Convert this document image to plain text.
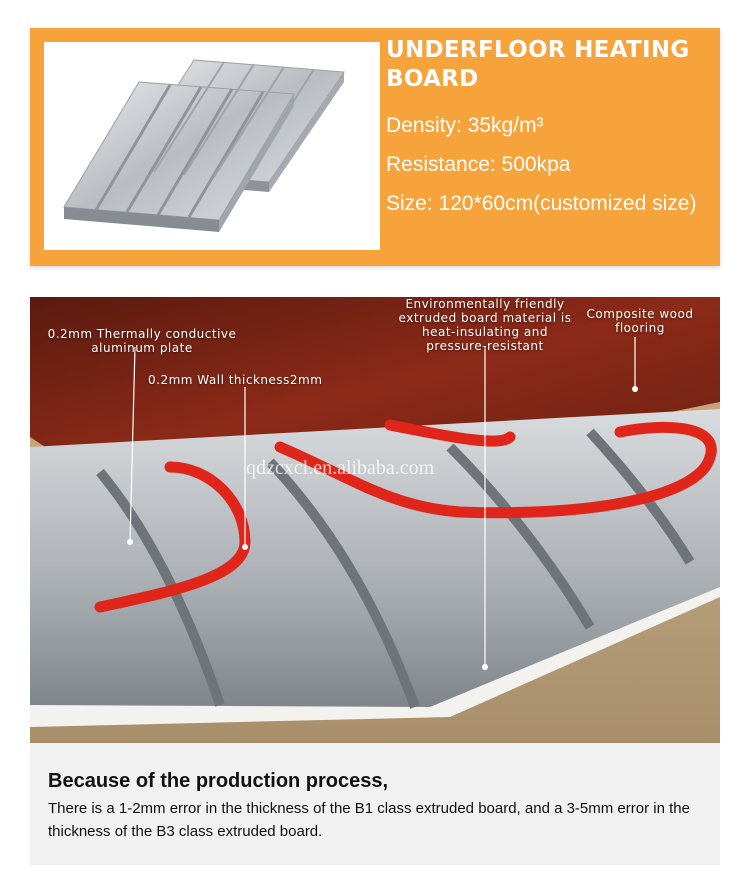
UNDERFLOOR HEATING BOARD
Density: 35kg/m³
Resistance: 500kpa
Size: 120*60cm(customized size)
0.2mm Thermally conductive aluminum plate
0.2mm Wall thickness2mm
Environmentally friendly extruded board material is heat-insulating and pressure-resistant
Composite wood flooring
qdzcxcl.en.alibaba.com
Because of the production process,
There is a 1-2mm error in the thickness of the B1 class extruded board, and a 3-5mm error in the thickness of the B3 class extruded board.
